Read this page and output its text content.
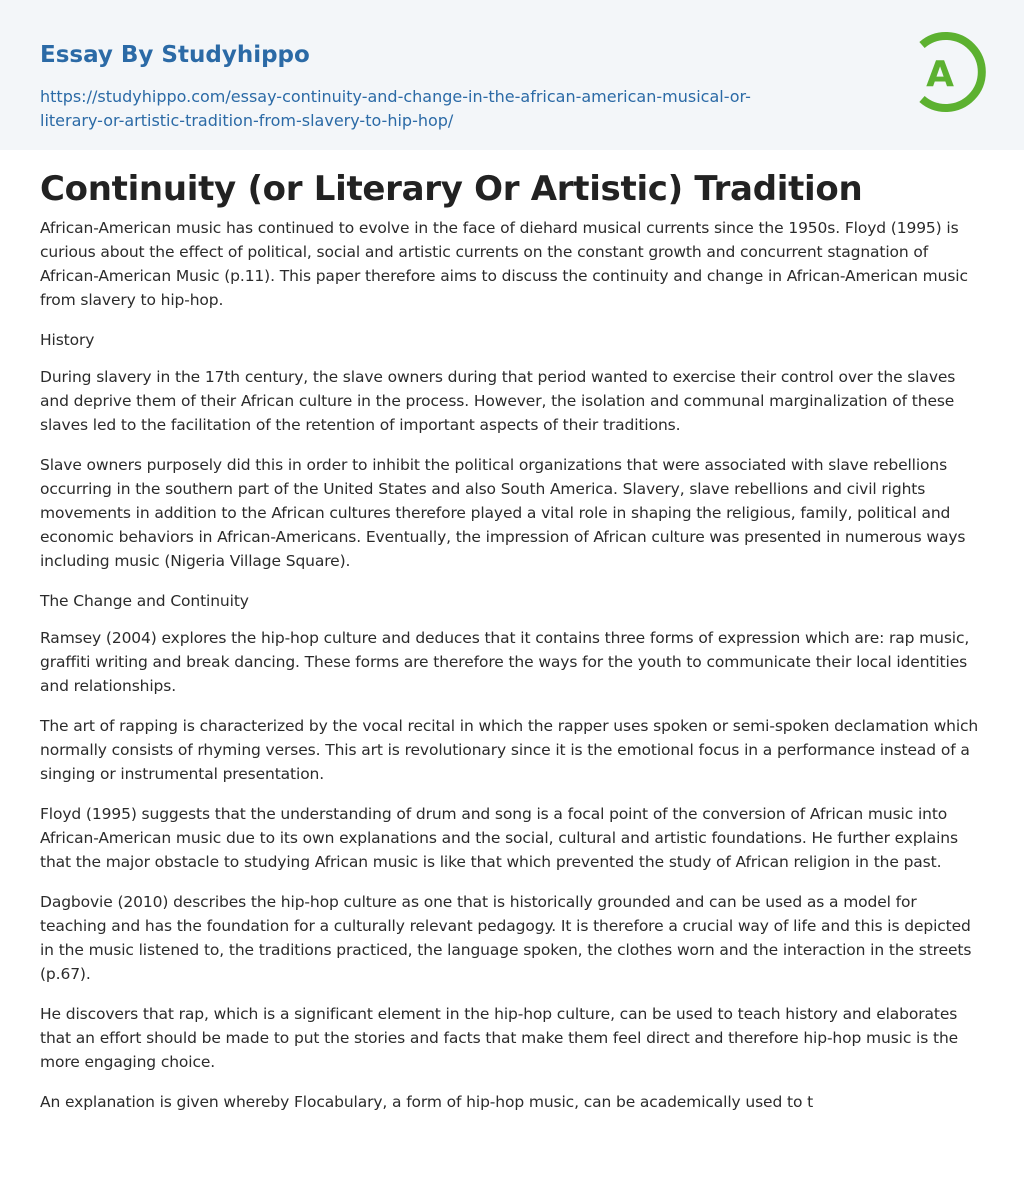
Essay By Studyhippo
https://studyhippo.com/essay-continuity-and-change-in-the-african-american-musical-or-
literary-or-artistic-tradition-from-slavery-to-hip-hop/
A
Continuity (or Literary Or Artistic) Tradition

African-American music has continued to evolve in the face of diehard musical currents since the 1950s. Floyd (1995) is curious about the effect of political, social and artistic currents on the constant growth and concurrent stagnation of African-American Music (p.11). This paper therefore aims to discuss the continuity and change in African-American music from slavery to hip-hop.

History

During slavery in the 17th century, the slave owners during that period wanted to exercise their control over the slaves and deprive them of their African culture in the process. However, the isolation and communal marginalization of these slaves led to the facilitation of the retention of important aspects of their traditions.

Slave owners purposely did this in order to inhibit the political organizations that were associated with slave rebellions occurring in the southern part of the United States and also South America. Slavery, slave rebellions and civil rights movements in addition to the African cultures therefore played a vital role in shaping the religious, family, political and economic behaviors in African-Americans. Eventually, the impression of African culture was presented in numerous ways including music (Nigeria Village Square).

The Change and Continuity

Ramsey (2004) explores the hip-hop culture and deduces that it contains three forms of expression which are: rap music, graffiti writing and break dancing. These forms are therefore the ways for the youth to communicate their local identities and relationships.

The art of rapping is characterized by the vocal recital in which the rapper uses spoken or semi-spoken declamation which normally consists of rhyming verses. This art is revolutionary since it is the emotional focus in a performance instead of a singing or instrumental presentation.

Floyd (1995) suggests that the understanding of drum and song is a focal point of the conversion of African music into African-American music due to its own explanations and the social, cultural and artistic foundations. He further explains that the major obstacle to studying African music is like that which prevented the study of African religion in the past.

Dagbovie (2010) describes the hip-hop culture as one that is historically grounded and can be used as a model for teaching and has the foundation for a culturally relevant pedagogy. It is therefore a crucial way of life and this is depicted in the music listened to, the traditions practiced, the language spoken, the clothes worn and the interaction in the streets (p.67).

He discovers that rap, which is a significant element in the hip-hop culture, can be used to teach history and elaborates that an effort should be made to put the stories and facts that make them feel direct and therefore hip-hop music is the more engaging choice.

An explanation is given whereby Flocabulary, a form of hip-hop music, can be academically used to t
